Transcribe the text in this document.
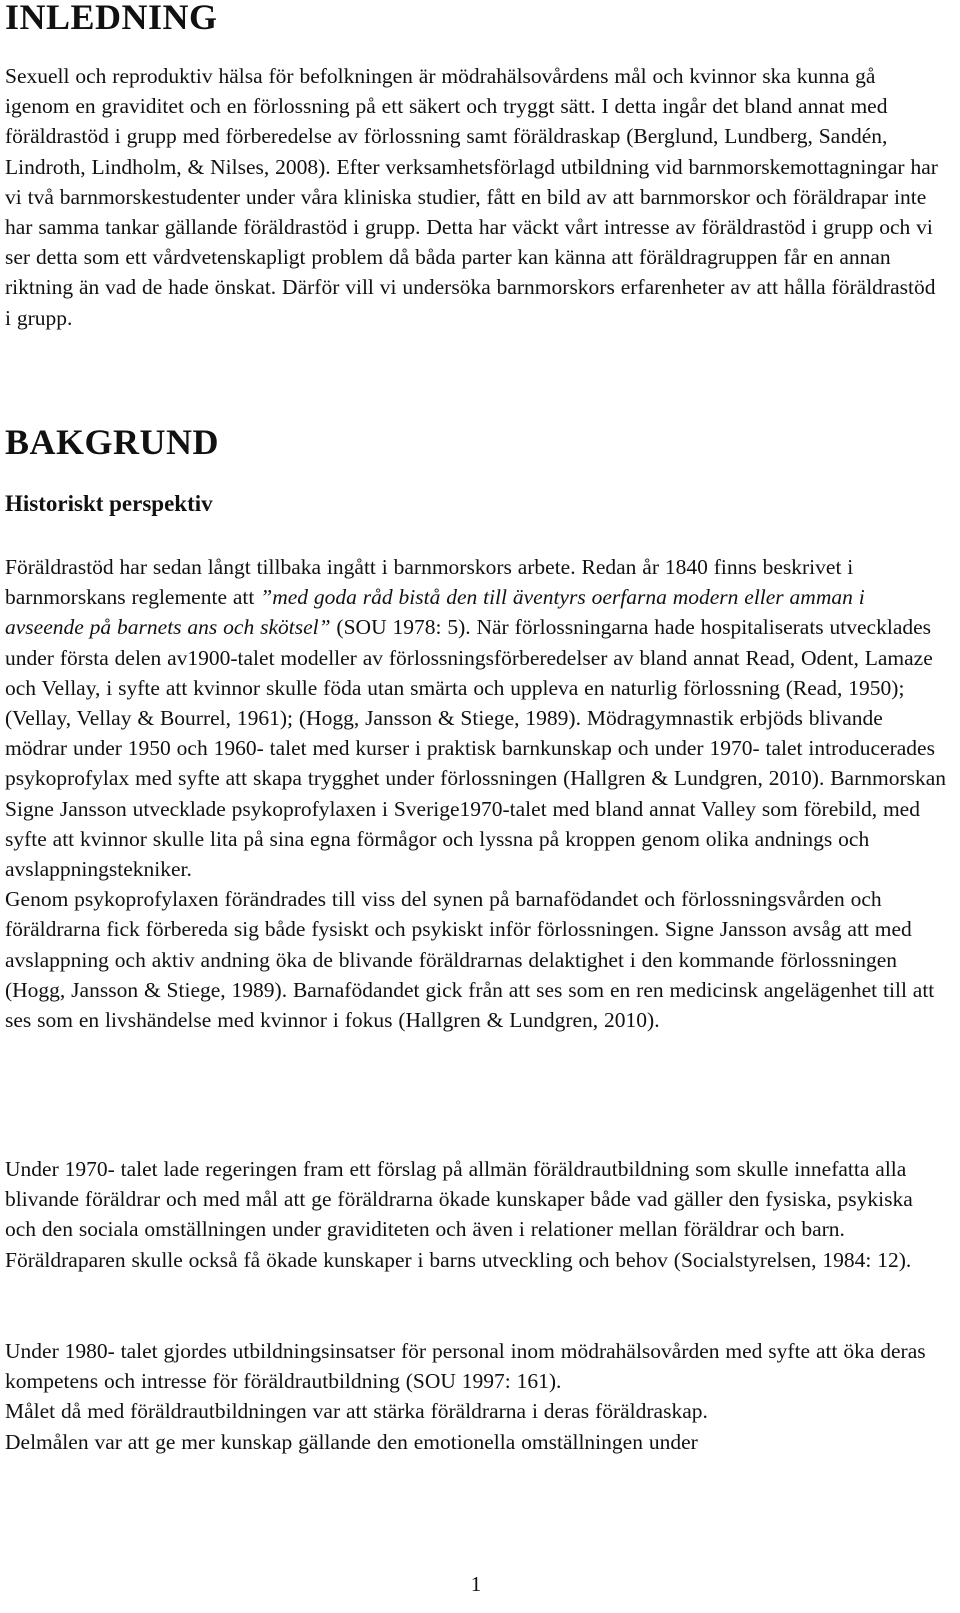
INLEDNING

Sexuell och reproduktiv hälsa för befolkningen är mödrahälsovårdens mål och kvinnor ska kunna gå igenom en graviditet och en förlossning på ett säkert och tryggt sätt. I detta ingår det bland annat med föräldrastöd i grupp med förberedelse av förlossning samt föräldraskap (Berglund, Lundberg, Sandén, Lindroth, Lindholm, & Nilses, 2008). Efter verksamhetsförlagd utbildning vid barnmorskemottagningar har vi två barnmorskestudenter under våra kliniska studier, fått en bild av att barnmorskor och föräldrapar inte har samma tankar gällande föräldrastöd i grupp. Detta har väckt vårt intresse av föräldrastöd i grupp och vi ser detta som ett vårdvetenskapligt problem då båda parter kan känna att föräldragruppen får en annan riktning än vad de hade önskat. Därför vill vi undersöka barnmorskors erfarenheter av att hålla föräldrastöd i grupp.

BAKGRUND
Historiskt perspektiv

Föräldrastöd har sedan långt tillbaka ingått i barnmorskors arbete. Redan år 1840 finns beskrivet i barnmorskans reglemente att ”med goda råd bistå den till äventyrs oerfarna modern eller amman i avseende på barnets ans och skötsel” (SOU 1978: 5). När förlossningarna hade hospitaliserats utvecklades under första delen av1900-talet modeller av förlossningsförberedelser av bland annat Read, Odent, Lamaze och Vellay, i syfte att kvinnor skulle föda utan smärta och uppleva en naturlig förlossning (Read, 1950); (Vellay, Vellay & Bourrel, 1961); (Hogg, Jansson & Stiege, 1989). Mödragymnastik erbjöds blivande mödrar under 1950 och 1960- talet med kurser i praktisk barnkunskap och under 1970- talet introducerades psykoprofylax med syfte att skapa trygghet under förlossningen (Hallgren & Lundgren, 2010). Barnmorskan Signe Jansson utvecklade psykoprofylaxen i Sverige1970-talet med bland annat Valley som förebild, med syfte att kvinnor skulle lita på sina egna förmågor och lyssna på kroppen genom olika andnings och avslappningstekniker.

Genom psykoprofylaxen förändrades till viss del synen på barnafödandet och förlossningsvården och föräldrarna fick förbereda sig både fysiskt och psykiskt inför förlossningen. Signe Jansson avsåg att med avslappning och aktiv andning öka de blivande föräldrarnas delaktighet i den kommande förlossningen (Hogg, Jansson & Stiege, 1989). Barnafödandet gick från att ses som en ren medicinsk angelägenhet till att ses som en livshändelse med kvinnor i fokus (Hallgren & Lundgren, 2010).

Under 1970- talet lade regeringen fram ett förslag på allmän föräldrautbildning som skulle innefatta alla blivande föräldrar och med mål att ge föräldrarna ökade kunskaper både vad gäller den fysiska, psykiska och den sociala omställningen under graviditeten och även i relationer mellan föräldrar och barn. Föräldraparen skulle också få ökade kunskaper i barns utveckling och behov (Socialstyrelsen, 1984: 12).

Under 1980- talet gjordes utbildningsinsatser för personal inom mödrahälsovården med syfte att öka deras kompetens och intresse för föräldrautbildning (SOU 1997: 161).

Målet då med föräldrautbildningen var att stärka föräldrarna i deras föräldraskap.

Delmålen var att ge mer kunskap gällande den emotionella omställningen under

1
